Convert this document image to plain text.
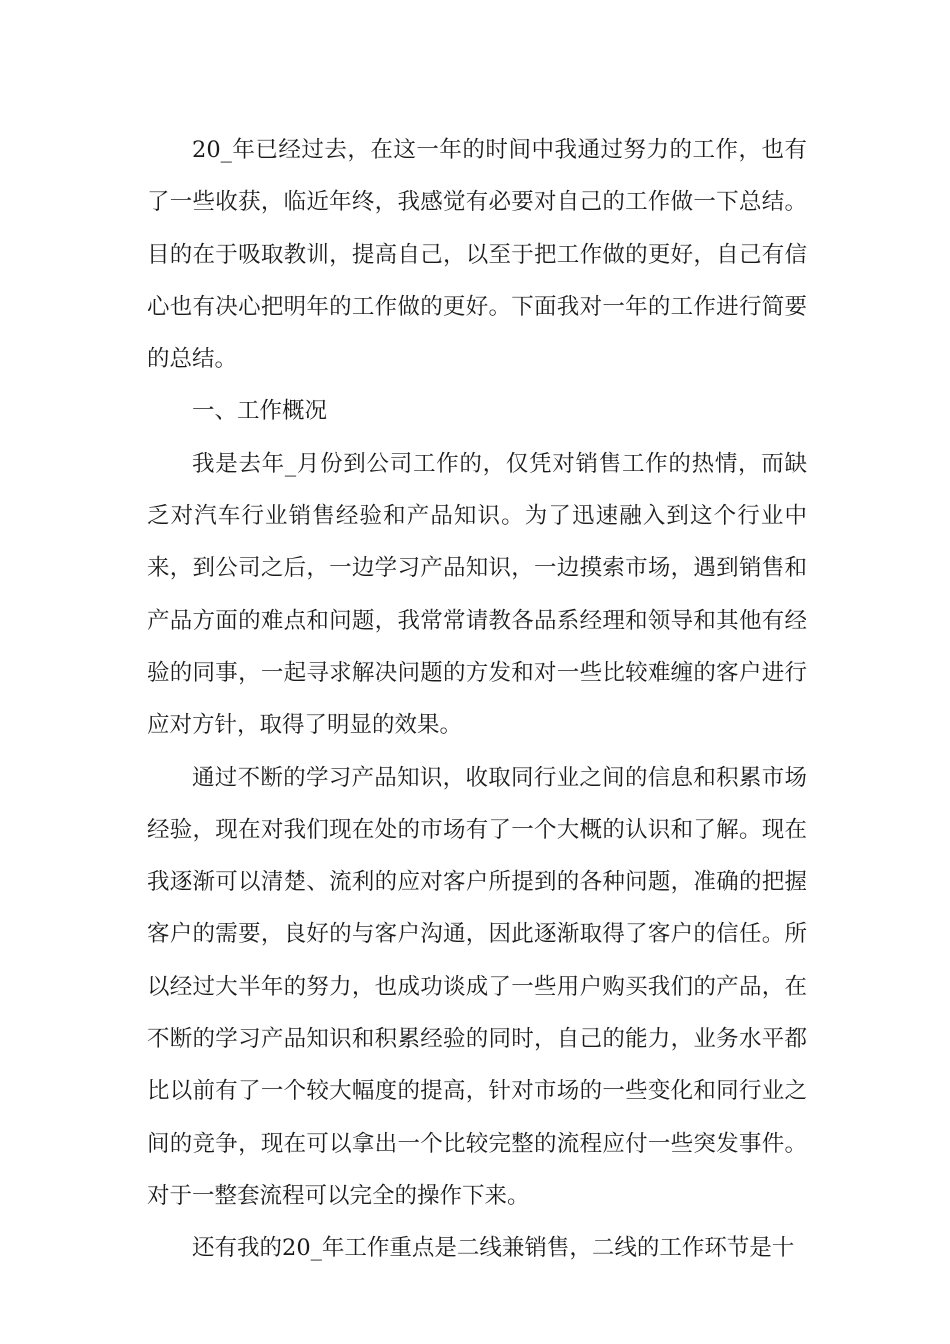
20_年已经过去，在这一年的时间中我通过努力的工作，也有了一些收获，临近年终，我感觉有必要对自己的工作做一下总结。目的在于吸取教训，提高自己，以至于把工作做的更好，自己有信心也有决心把明年的工作做的更好。下面我对一年的工作进行简要的总结。

一、工作概况

我是去年_月份到公司工作的，仅凭对销售工作的热情，而缺乏对汽车行业销售经验和产品知识。为了迅速融入到这个行业中来，到公司之后，一边学习产品知识，一边摸索市场，遇到销售和产品方面的难点和问题，我常常请教各品系经理和领导和其他有经验的同事，一起寻求解决问题的方发和对一些比较难缠的客户进行应对方针，取得了明显的效果。

通过不断的学习产品知识，收取同行业之间的信息和积累市场经验，现在对我们现在处的市场有了一个大概的认识和了解。现在我逐渐可以清楚、流利的应对客户所提到的各种问题，准确的把握客户的需要，良好的与客户沟通，因此逐渐取得了客户的信任。所以经过大半年的努力，也成功谈成了一些用户购买我们的产品，在不断的学习产品知识和积累经验的同时，自己的能力，业务水平都比以前有了一个较大幅度的提高，针对市场的一些变化和同行业之间的竞争，现在可以拿出一个比较完整的流程应付一些突发事件。对于一整套流程可以完全的操作下来。

还有我的20_年工作重点是二线兼销售，二线的工作环节是十
